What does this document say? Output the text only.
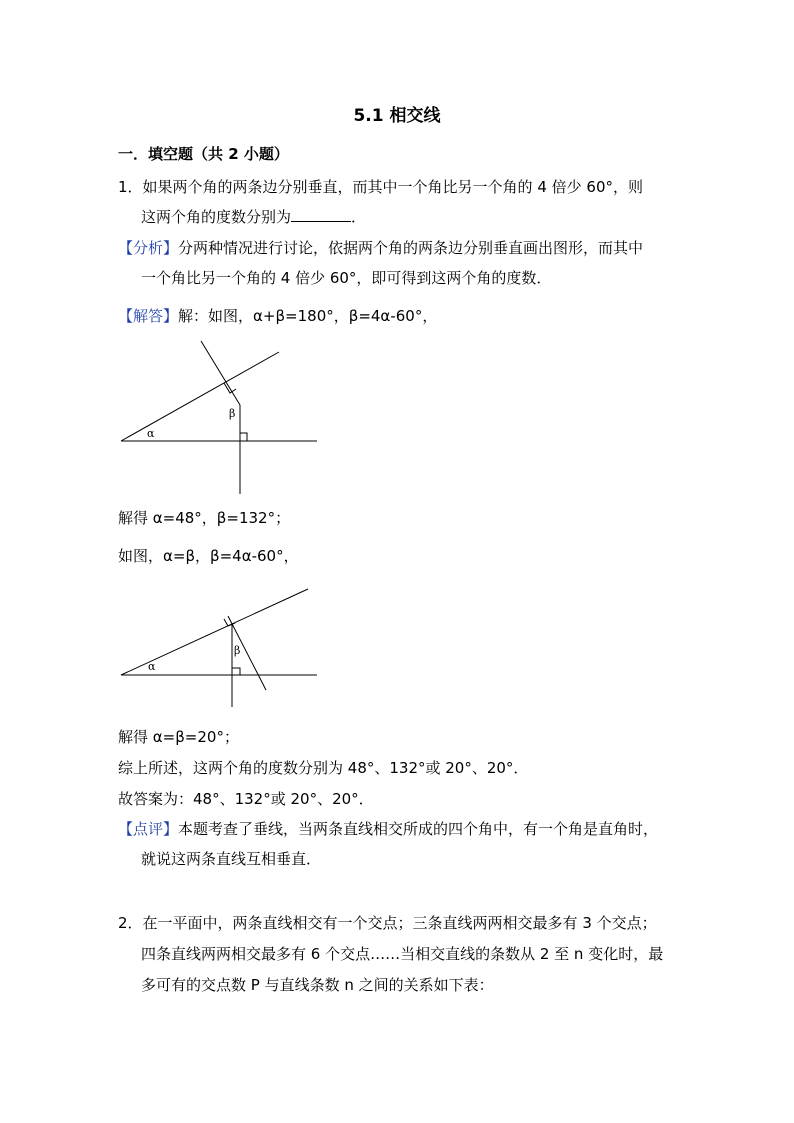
5.1 相交线
一．填空题（共 2 小题）
1．如果两个角的两条边分别垂直，而其中一个角比另一个角的 4 倍少 60°，则
这两个角的度数分别为	．
【分析】分两种情况进行讨论，依据两个角的两条边分别垂直画出图形，而其中
一个角比另一个角的 4 倍少 60°，即可得到这两个角的度数．
【解答】解：如图，α+β=180°，β=4α-60°，
α
β
解得 α=48°，β=132°；
如图，α=β，β=4α-60°，
α
β
解得 α=β=20°；
综上所述，这两个角的度数分别为 48°、132°或 20°、20°．
故答案为：48°、132°或 20°、20°．
【点评】本题考查了垂线，当两条直线相交所成的四个角中，有一个角是直角时，
就说这两条直线互相垂直．
2．在一平面中，两条直线相交有一个交点；三条直线两两相交最多有 3 个交点；
四条直线两两相交最多有 6 个交点……当相交直线的条数从 2 至 n 变化时，最
多可有的交点数 P 与直线条数 n 之间的关系如下表：
